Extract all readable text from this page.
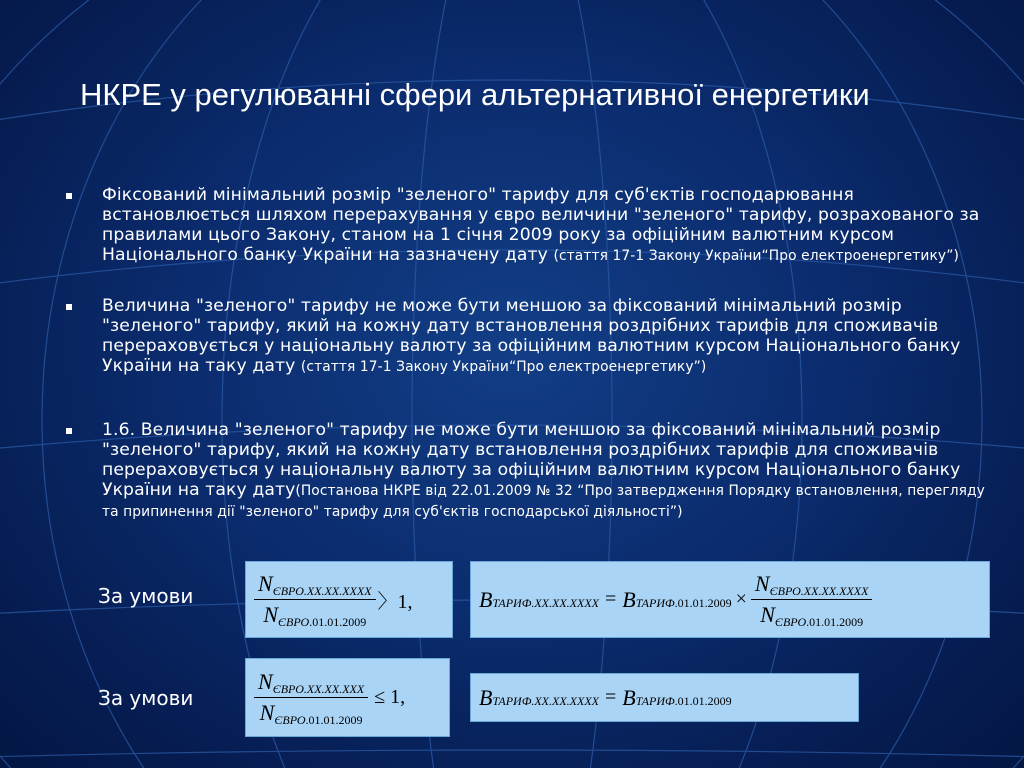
НКРЕ у регулюванні сфери альтернативної енергетики
Фіксований мінімальний розмір "зеленого" тарифу для суб'єктів господарювання встановлюється шляхом перерахування у євро величини "зеленого" тарифу, розрахованого за правилами цього Закону, станом на 1 січня 2009 року за офіційним валютним курсом Національного банку України на зазначену дату (стаття 17-1 Закону України“Про електроенергетику”)
Величина "зеленого" тарифу не може бути меншою за фіксований мінімальний розмір "зеленого" тарифу, який на кожну дату встановлення роздрібних тарифів для споживачів перераховується у національну валюту за офіційним валютним курсом Національного банку України на таку дату (стаття 17-1 Закону України“Про електроенергетику”)
1.6. Величина "зеленого" тарифу не може бути меншою за фіксований мінімальний розмір "зеленого" тарифу, який на кожну дату встановлення роздрібних тарифів для споживачів перераховується у національну валюту за офіційним валютним курсом Національного банку України на таку дату(Постанова НКРЕ від 22.01.2009 № 32 “Про затвердження Порядку встановлення, перегляду та припинення дії "зеленого" тарифу для суб'єктів господарської діяльності”)
За умови
За умови
$\frac{N_{ЄВРО.XX.XX.XXXX}}{N_{ЄВРО.01.01.2009}}$ 〉1,	B ТАРИФ.XX.XX.XXXX = B ТАРИФ $.01.01.2009 \times \frac{N_{ЄВРО.XX.XX.XXXX}}{N_{ЄВРО.01.01.2009}}$
$\frac{N_{ЄВРО.XX.XX.XXX}}{N_{ЄВРО.01.01.2009}} \le 1$,	B ТАРИФ.XX.XX.XXXX = B ТАРИФ .01.01.2009
